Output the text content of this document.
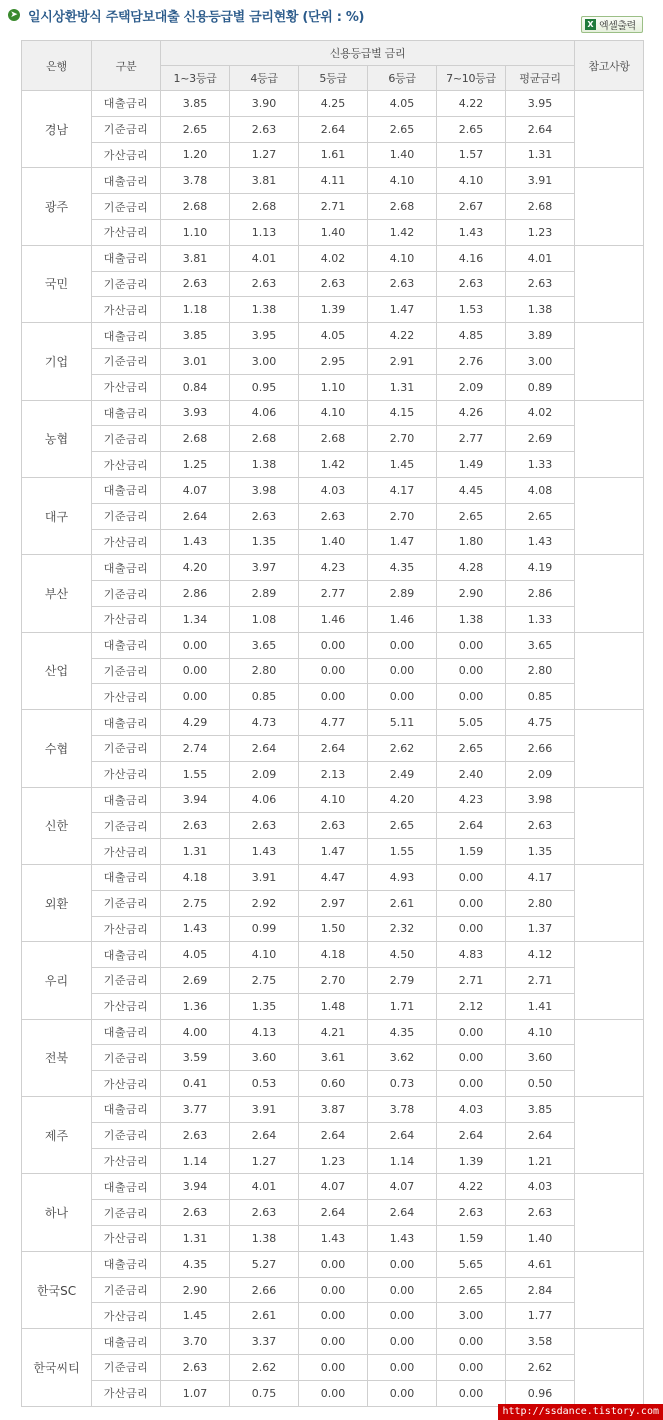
➤ 일시상환방식 주택담보대출 신용등급별 금리현황 (단위 : %)	X 엑셀출력
은행	구분	신용등급별 금리						참고사항
		1~3등급	4등급	5등급	6등급	7~10등급	평균금리	
경남	대출금리	3.85	3.90	4.25	4.05	4.22	3.95	
	기준금리	2.65	2.63	2.64	2.65	2.65	2.64	
	가산금리	1.20	1.27	1.61	1.40	1.57	1.31	
광주	대출금리	3.78	3.81	4.11	4.10	4.10	3.91	
	기준금리	2.68	2.68	2.71	2.68	2.67	2.68	
	가산금리	1.10	1.13	1.40	1.42	1.43	1.23	
국민	대출금리	3.81	4.01	4.02	4.10	4.16	4.01	
	기준금리	2.63	2.63	2.63	2.63	2.63	2.63	
	가산금리	1.18	1.38	1.39	1.47	1.53	1.38	
기업	대출금리	3.85	3.95	4.05	4.22	4.85	3.89	
	기준금리	3.01	3.00	2.95	2.91	2.76	3.00	
	가산금리	0.84	0.95	1.10	1.31	2.09	0.89	
농협	대출금리	3.93	4.06	4.10	4.15	4.26	4.02	
	기준금리	2.68	2.68	2.68	2.70	2.77	2.69	
	가산금리	1.25	1.38	1.42	1.45	1.49	1.33	
대구	대출금리	4.07	3.98	4.03	4.17	4.45	4.08	
	기준금리	2.64	2.63	2.63	2.70	2.65	2.65	
	가산금리	1.43	1.35	1.40	1.47	1.80	1.43	
부산	대출금리	4.20	3.97	4.23	4.35	4.28	4.19	
	기준금리	2.86	2.89	2.77	2.89	2.90	2.86	
	가산금리	1.34	1.08	1.46	1.46	1.38	1.33	
산업	대출금리	0.00	3.65	0.00	0.00	0.00	3.65	
	기준금리	0.00	2.80	0.00	0.00	0.00	2.80	
	가산금리	0.00	0.85	0.00	0.00	0.00	0.85	
수협	대출금리	4.29	4.73	4.77	5.11	5.05	4.75	
	기준금리	2.74	2.64	2.64	2.62	2.65	2.66	
	가산금리	1.55	2.09	2.13	2.49	2.40	2.09	
신한	대출금리	3.94	4.06	4.10	4.20	4.23	3.98	
	기준금리	2.63	2.63	2.63	2.65	2.64	2.63	
	가산금리	1.31	1.43	1.47	1.55	1.59	1.35	
외환	대출금리	4.18	3.91	4.47	4.93	0.00	4.17	
	기준금리	2.75	2.92	2.97	2.61	0.00	2.80	
	가산금리	1.43	0.99	1.50	2.32	0.00	1.37	
우리	대출금리	4.05	4.10	4.18	4.50	4.83	4.12	
	기준금리	2.69	2.75	2.70	2.79	2.71	2.71	
	가산금리	1.36	1.35	1.48	1.71	2.12	1.41	
전북	대출금리	4.00	4.13	4.21	4.35	0.00	4.10	
	기준금리	3.59	3.60	3.61	3.62	0.00	3.60	
	가산금리	0.41	0.53	0.60	0.73	0.00	0.50	
제주	대출금리	3.77	3.91	3.87	3.78	4.03	3.85	
	기준금리	2.63	2.64	2.64	2.64	2.64	2.64	
	가산금리	1.14	1.27	1.23	1.14	1.39	1.21	
하나	대출금리	3.94	4.01	4.07	4.07	4.22	4.03	
	기준금리	2.63	2.63	2.64	2.64	2.63	2.63	
	가산금리	1.31	1.38	1.43	1.43	1.59	1.40	
한국SC	대출금리	4.35	5.27	0.00	0.00	5.65	4.61	
	기준금리	2.90	2.66	0.00	0.00	2.65	2.84	
	가산금리	1.45	2.61	0.00	0.00	3.00	1.77	
한국씨티	대출금리	3.70	3.37	0.00	0.00	0.00	3.58	
	기준금리	2.63	2.62	0.00	0.00	0.00	2.62	
	가산금리	1.07	0.75	0.00	0.00	0.00	0.96	
http://ssdance.tistory.com
